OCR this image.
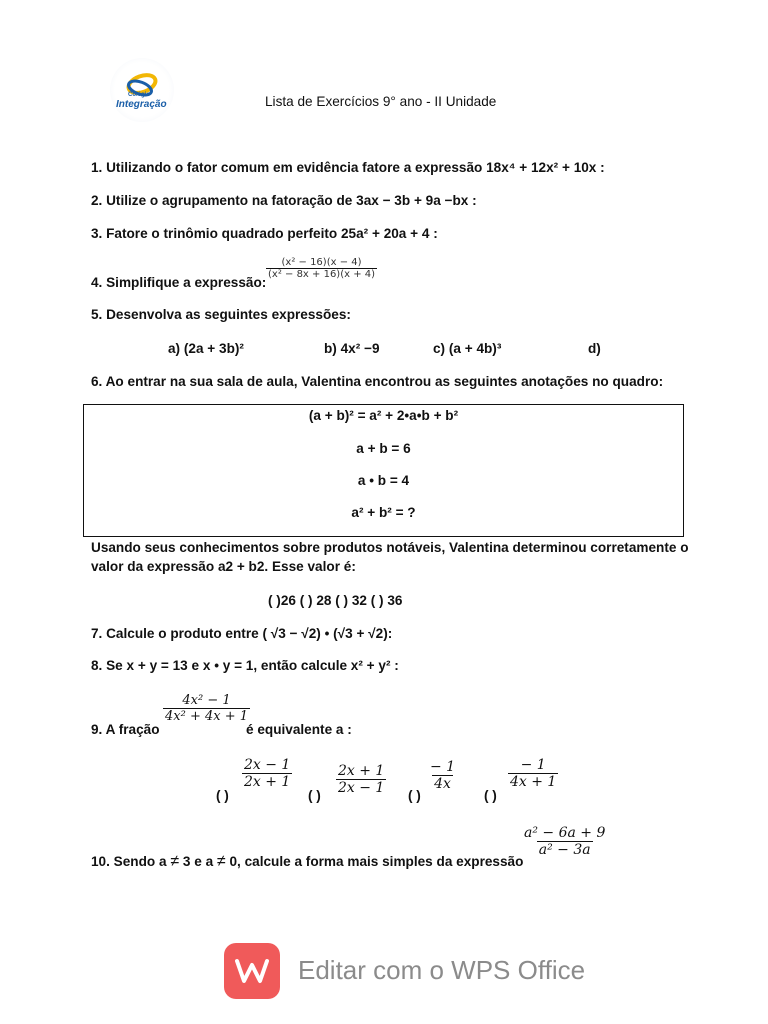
Colégio
Integração	Lista de Exercícios 9° ano - II Unidade
1. Utilizando o fator comum em evidência fatore a expressão 18x⁴ + 12x² + 10x :
2. Utilize o agrupamento na fatoração de 3ax − 3b + 9a −bx :
3. Fatore o trinômio quadrado perfeito 25a² + 20a + 4 :
4. Simplifique a expressão:
$\frac{\text{(x² − 16)(x − 4)}}{\text{(x² − 8x + 16)(x + 4)}}$
5. Desenvolva as seguintes expressões:
a) (2a + 3b)²	b) 4x² −9	c) (a + 4b)³	d)
6. Ao entrar na sua sala de aula, Valentina encontrou as seguintes anotações no quadro:
(a + b)² = a² + 2•a•b + b²
a + b = 6
a • b = 4
a² + b² = ?
Usando seus conhecimentos sobre produtos notáveis, Valentina determinou corretamente o
valor da expressão a2 + b2. Esse valor é:
( )26 ( ) 28 ( ) 32 ( ) 36
7. Calcule o produto entre ( √3 − √2) • (√3 + √2):
8. Se x + y = 13 e x • y = 1, então calcule x² + y² :
9. A fração
$\frac{\text{4x² − 1}}{\text{4x² + 4x + 1}}$
é equivalente a :
( )
$\frac{2x - 1}{2x + 1}$
( ) $\frac{2x + 1}{2x - 1}$ ( )
$\frac{- 1}{4x}$
( )
$\frac{- 1}{4x + 1}$
10. Sendo a ≠ 3 e a ≠ 0, calcule a forma mais simples da expressão
$\frac{\text{a² − 6a + 9}}{\text{a² − 3a}}$
Editar com o WPS Office
